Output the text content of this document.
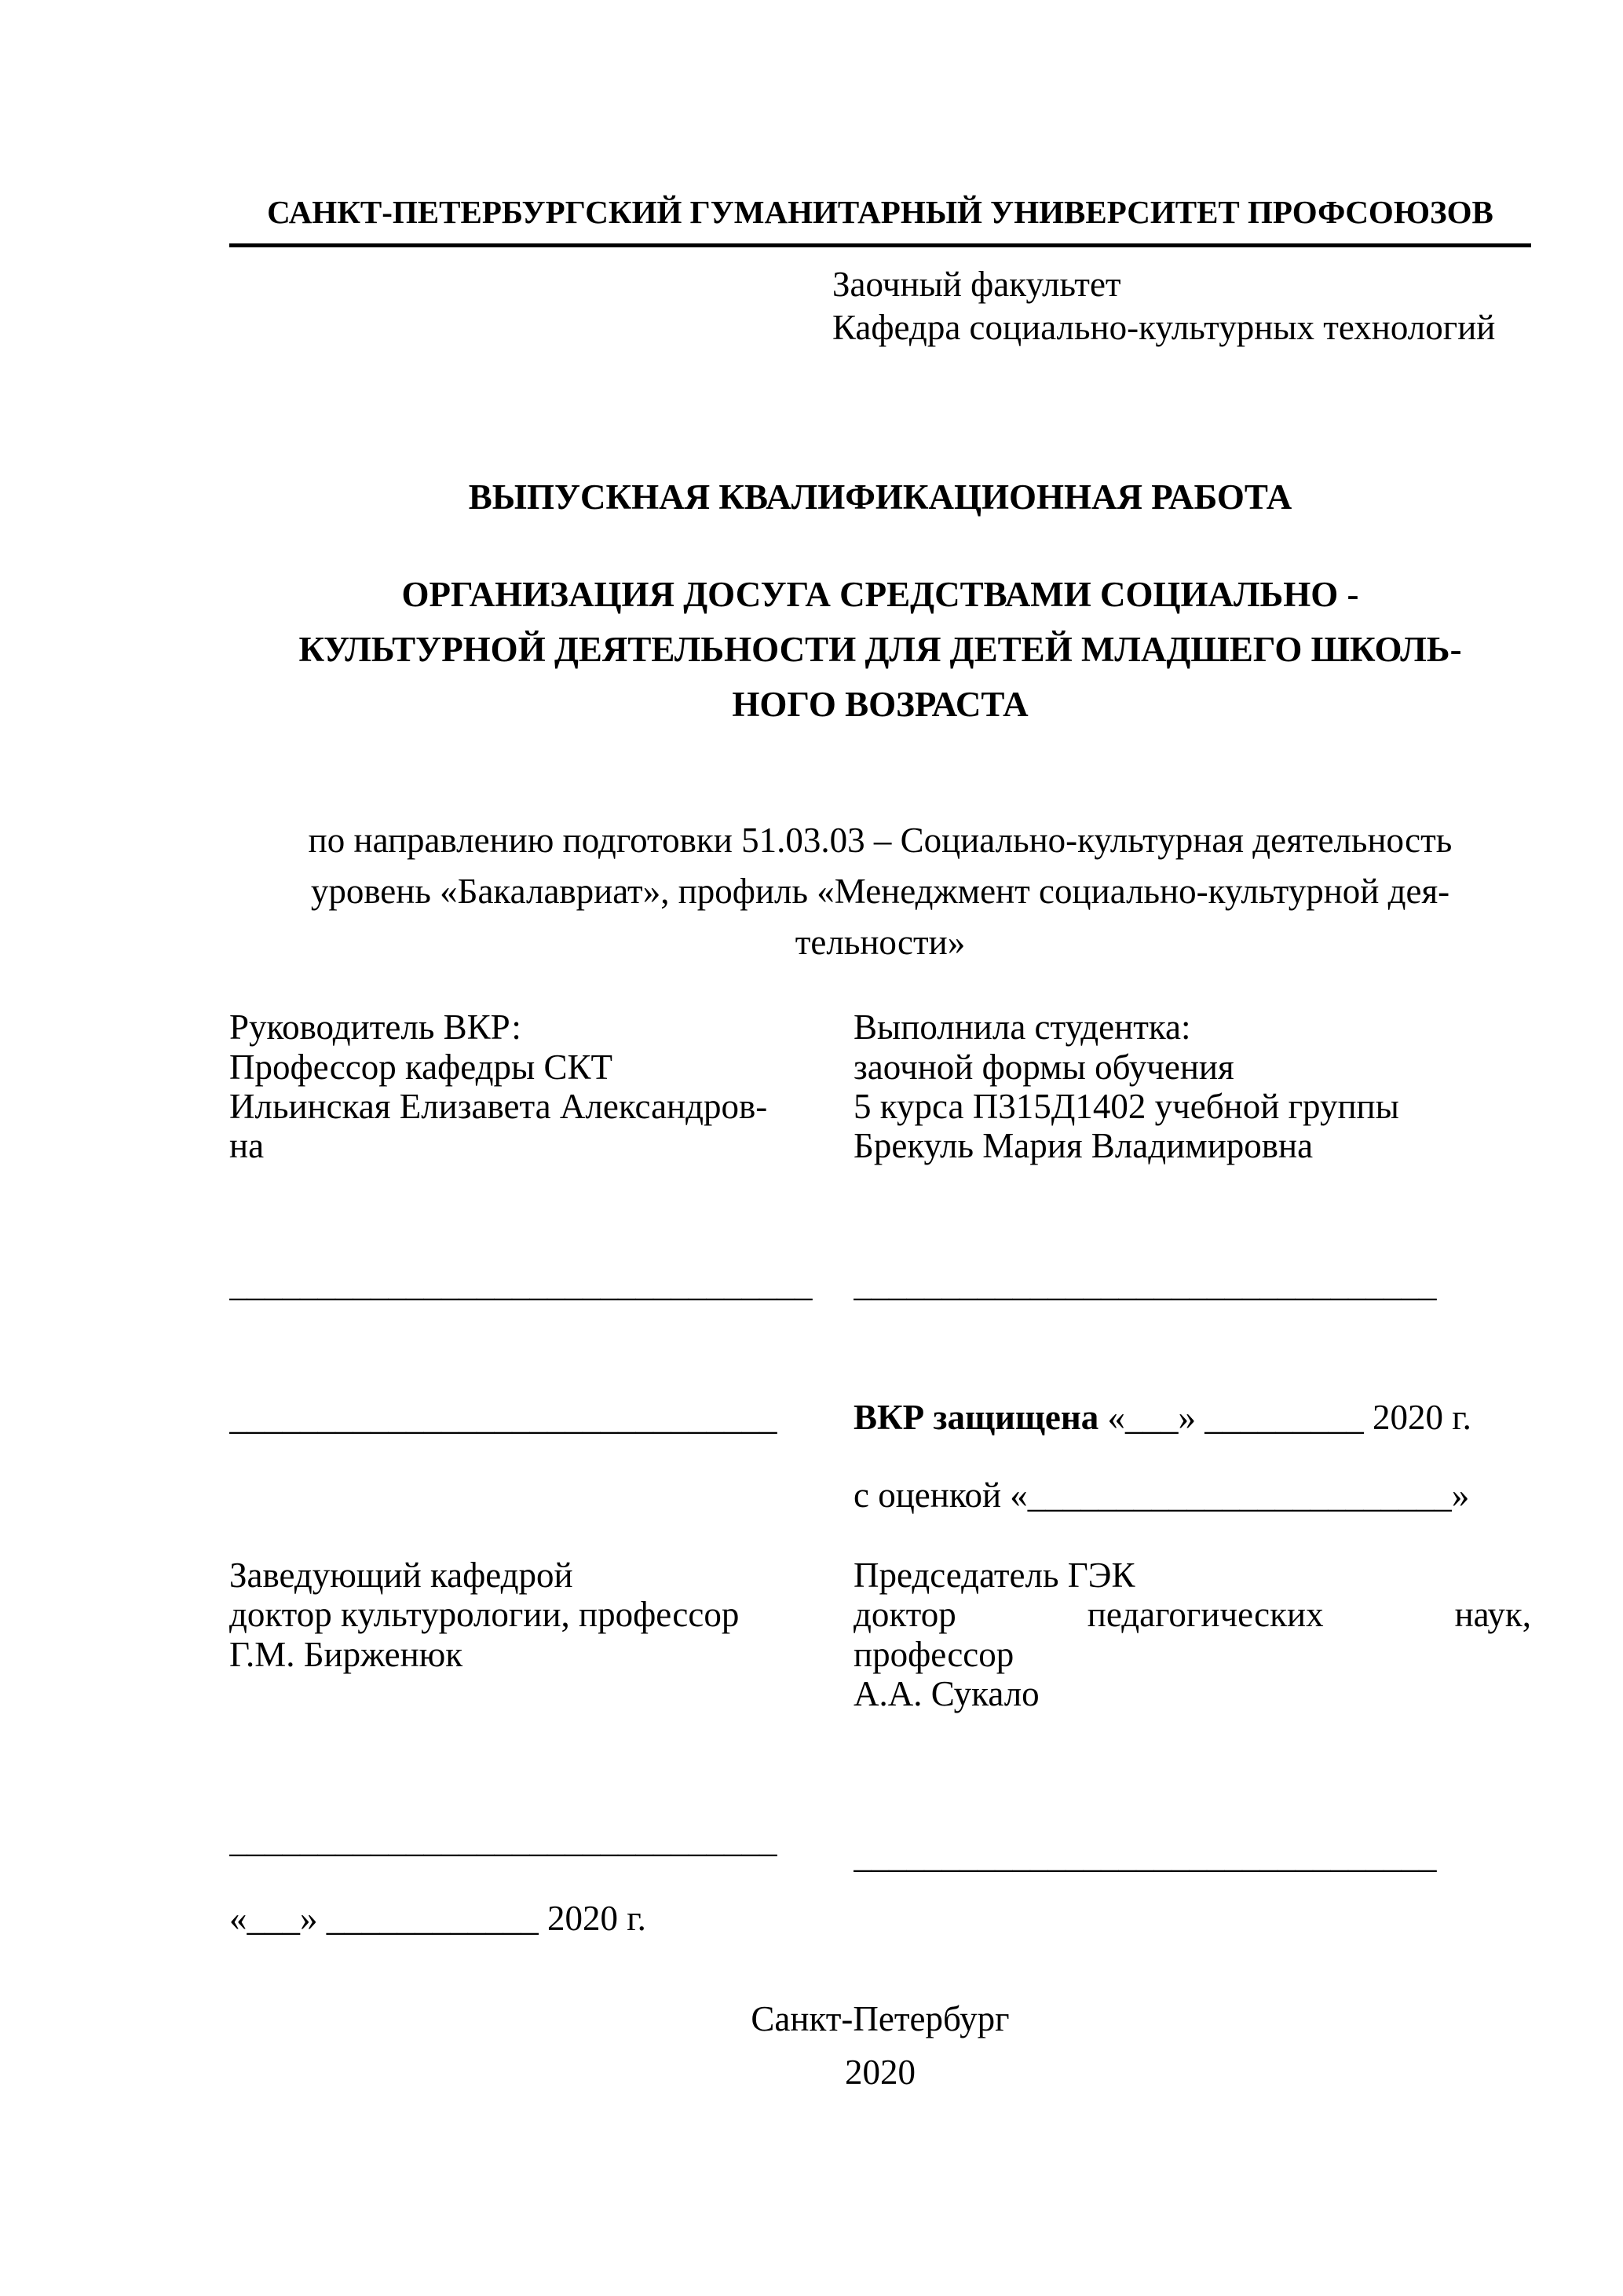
САНКТ-ПЕТЕРБУРГСКИЙ ГУМАНИТАРНЫЙ УНИВЕРСИТЕТ ПРОФСОЮЗОВ
Заочный факультет
Кафедра социально-культурных технологий
ВЫПУСКНАЯ КВАЛИФИКАЦИОННАЯ РАБОТА
ОРГАНИЗАЦИЯ ДОСУГА СРЕДСТВАМИ СОЦИАЛЬНО -
КУЛЬТУРНОЙ ДЕЯТЕЛЬНОСТИ ДЛЯ ДЕТЕЙ МЛАДШЕГО ШКОЛЬ-
НОГО ВОЗРАСТА
по направлению подготовки 51.03.03 – Социально-культурная деятельность
уровень «Бакалавриат», профиль «Менеджмент социально-культурной дея-
тельности»
Руководитель ВКР:
Профессор кафедры СКТ
Ильинская Елизавета Александров-
на
Выполнила студентка:
заочной формы обучения
5 курса П315Д1402 учебной группы
Брекуль Мария Владимировна
_________________________________	_________________________________
_______________________________	ВКР защищена «___» _________ 2020 г.
с оценкой «________________________»
Заведующий кафедрой
доктор культурологии, профессор
Г.М. Бирженюк
Председатель ГЭК
доктор педагогических наук,
профессор
А.А. Сукало
_______________________________	_________________________________
«___» ____________ 2020 г.
Санкт-Петербург
2020
